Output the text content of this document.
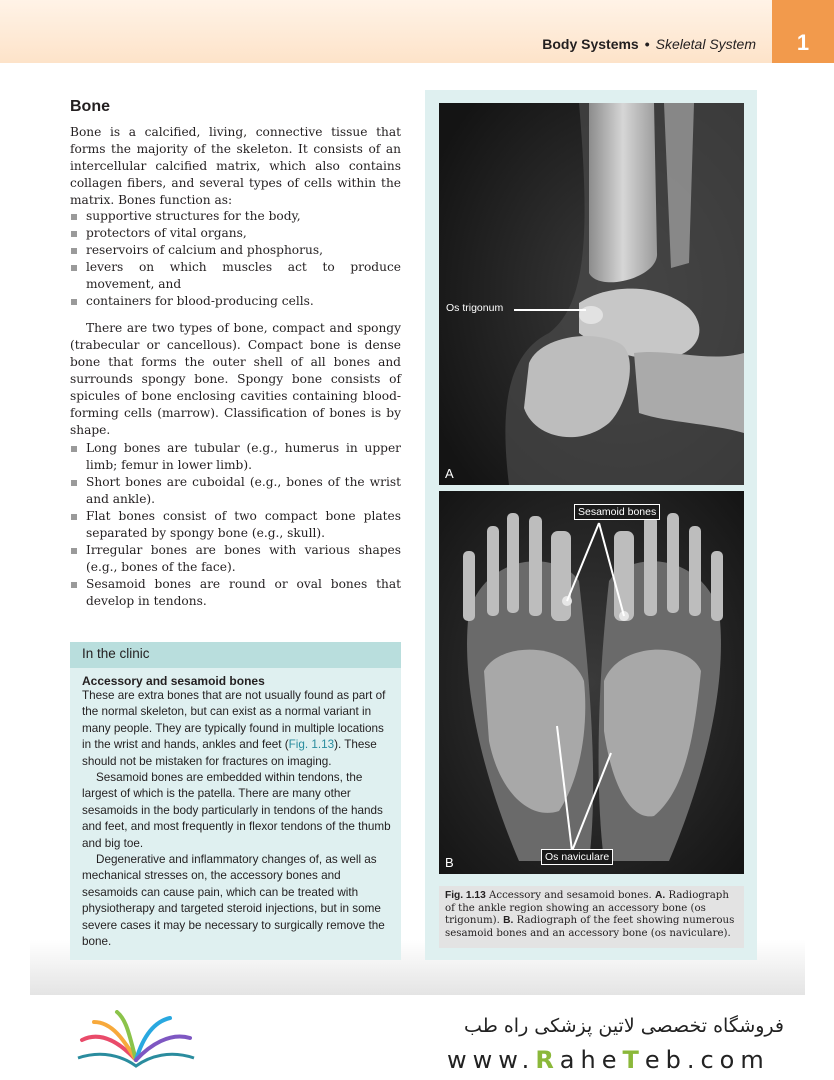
Body Systems • Skeletal System	1
Bone

Bone is a calcified, living, connective tissue that forms the majority of the skeleton. It consists of an intercellular calcified matrix, which also contains collagen fibers, and several types of cells within the matrix. Bones function as:

supportive structures for the body,
protectors of vital organs,
reservoirs of calcium and phosphorus,
levers on which muscles act to produce movement, and
containers for blood-producing cells.

There are two types of bone, compact and spongy (trabecular or cancellous). Compact bone is dense bone that forms the outer shell of all bones and surrounds spongy bone. Spongy bone consists of spicules of bone enclosing cavities containing blood-forming cells (marrow). Classification of bones is by shape.

Long bones are tubular (e.g., humerus in upper limb; femur in lower limb).
Short bones are cuboidal (e.g., bones of the wrist and ankle).
Flat bones consist of two compact bone plates separated by spongy bone (e.g., skull).
Irregular bones are bones with various shapes (e.g., bones of the face).
Sesamoid bones are round or oval bones that develop in tendons.
In the clinic
Accessory and sesamoid bones

These are extra bones that are not usually found as part of the normal skeleton, but can exist as a normal variant in many people. They are typically found in multiple locations in the wrist and hands, ankles and feet (Fig. 1.13). These should not be mistaken for fractures on imaging.

Sesamoid bones are embedded within tendons, the largest of which is the patella. There are many other sesamoids in the body particularly in tendons of the hands and feet, and most frequently in flexor tendons of the thumb and big toe.

Degenerative and inflammatory changes of, as well as mechanical stresses on, the accessory bones and sesamoids can cause pain, which can be treated with physiotherapy and targeted steroid injections, but in some severe cases it may be necessary to surgically remove the bone.

Os trigonum
A
Sesamoid bones
Os naviculare
B
Fig. 1.13 Accessory and sesamoid bones. A. Radiograph of the ankle region showing an accessory bone (os trigonum). B. Radiograph of the feet showing numerous sesamoid bones and an accessory bone (os naviculare).
فروشگاه تخصصی لاتین پزشکی راه طب
www.RaheTeb.com
